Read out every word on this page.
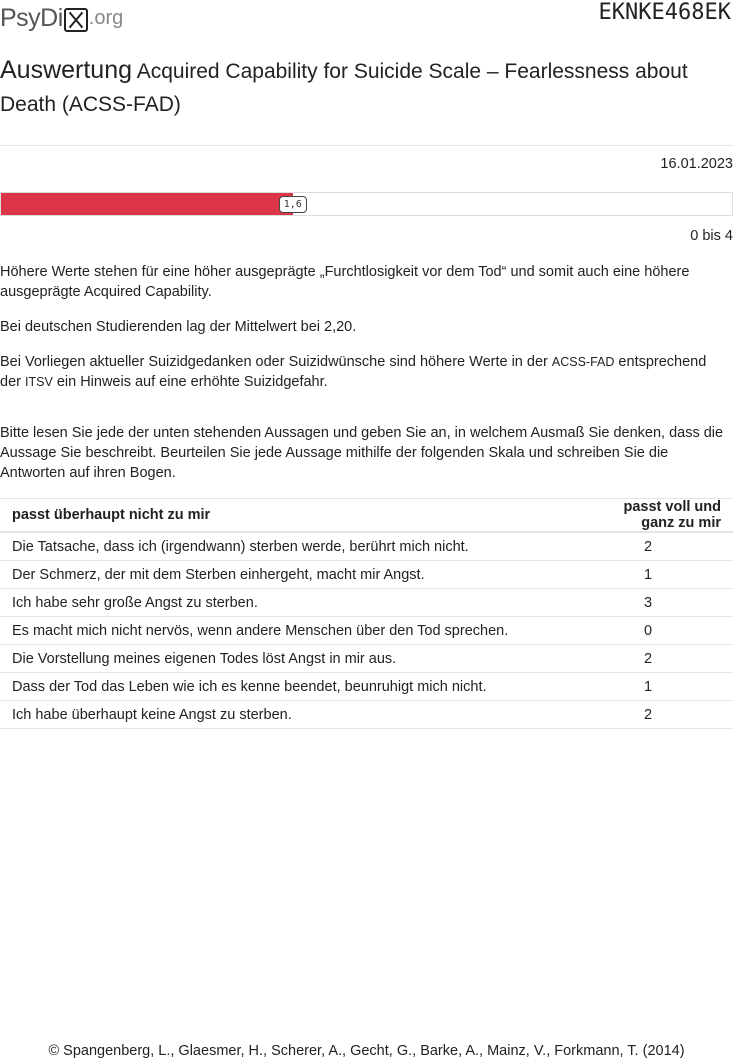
PsyDi .org	EKNKE468EK
Auswertung Acquired Capability for Suicide Scale – Fearlessness about Death (ACSS-FAD)
16.01.2023
1,6
0 bis 4

Höhere Werte stehen für eine höher ausgeprägte „Furchtlosigkeit vor dem Tod“ und somit auch eine höhere ausgeprägte Acquired Capability.

Bei deutschen Studierenden lag der Mittelwert bei 2,20.

Bei Vorliegen aktueller Suizidgedanken oder Suizidwünsche sind höhere Werte in der ACSS-FAD entsprechend der ITSV ein Hinweis auf eine erhöhte Suizidgefahr.

Bitte lesen Sie jede der unten stehenden Aussagen und geben Sie an, in welchem Ausmaß Sie denken, dass die Aussage Sie beschreibt. Beurteilen Sie jede Aussage mithilfe der folgenden Skala und schreiben Sie die Antworten auf ihren Bogen.

passt überhaupt nicht zu mir	passt voll und ganz zu mir
Die Tatsache, dass ich (irgendwann) sterben werde, berührt mich nicht.	2
Der Schmerz, der mit dem Sterben einhergeht, macht mir Angst.	1
Ich habe sehr große Angst zu sterben.	3
Es macht mich nicht nervös, wenn andere Menschen über den Tod sprechen.	0
Die Vorstellung meines eigenen Todes löst Angst in mir aus.	2
Dass der Tod das Leben wie ich es kenne beendet, beunruhigt mich nicht.	1
Ich habe überhaupt keine Angst zu sterben.	2
© Spangenberg, L., Glaesmer, H., Scherer, A., Gecht, G., Barke, A., Mainz, V., Forkmann, T. (2014)
